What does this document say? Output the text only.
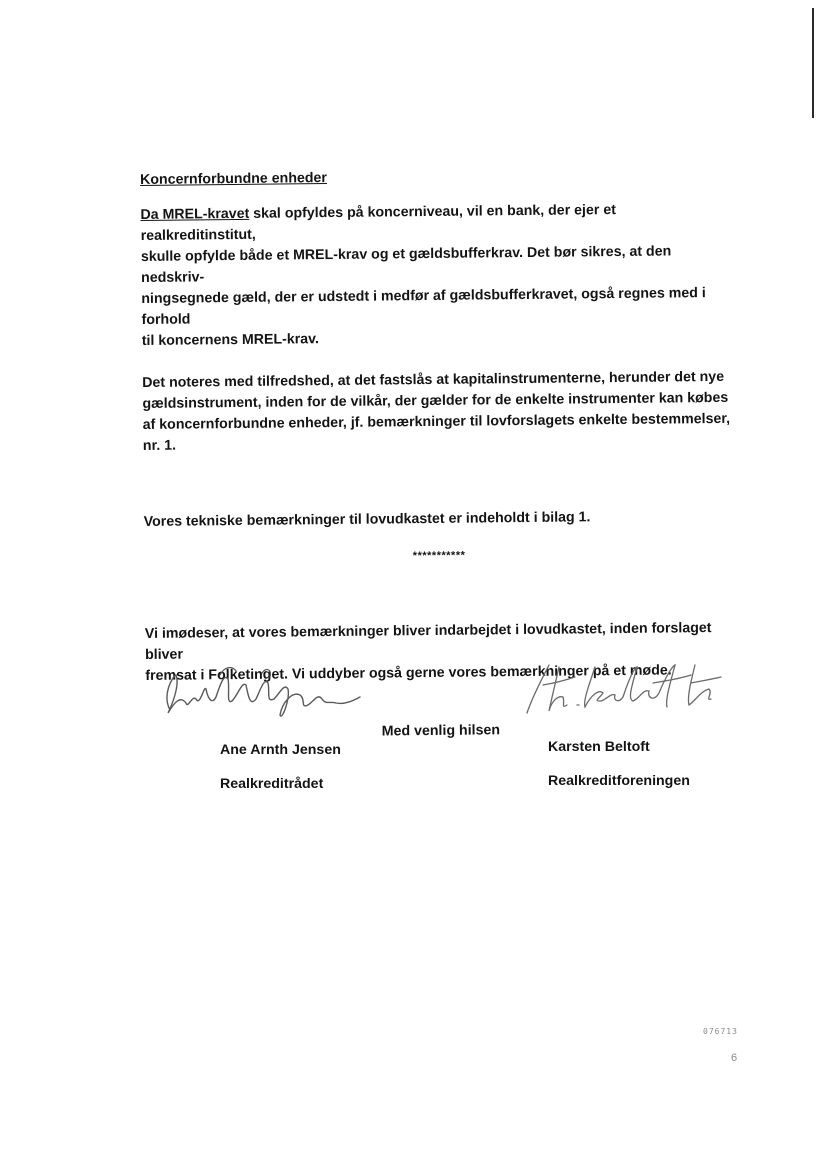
Koncernforbundne enheder

Da MREL-kravet skal opfyldes på koncerniveau, vil en bank, der ejer et realkreditinstitut,
skulle opfylde både et MREL-krav og et gældsbufferkrav. Det bør sikres, at den nedskriv-
ningsegnede gæld, der er udstedt i medfør af gældsbufferkravet, også regnes med i forhold
til koncernens MREL-krav.

Det noteres med tilfredshed, at det fastslås at kapitalinstrumenterne, herunder det nye
gældsinstrument, inden for de vilkår, der gælder for de enkelte instrumenter kan købes
af koncernforbundne enheder, jf. bemærkninger til lovforslagets enkelte bestemmelser,
nr. 1.

Vores tekniske bemærkninger til lovudkastet er indeholdt i bilag 1.

***********

Vi imødeser, at vores bemærkninger bliver indarbejdet i lovudkastet, inden forslaget bliver
fremsat i Folketinget. Vi uddyber også gerne vores bemærkninger på et møde.

Med venlig hilsen

Ane Arnth Jensen
Realkreditrådet
Karsten Beltoft
Realkreditforeningen
076713
6
